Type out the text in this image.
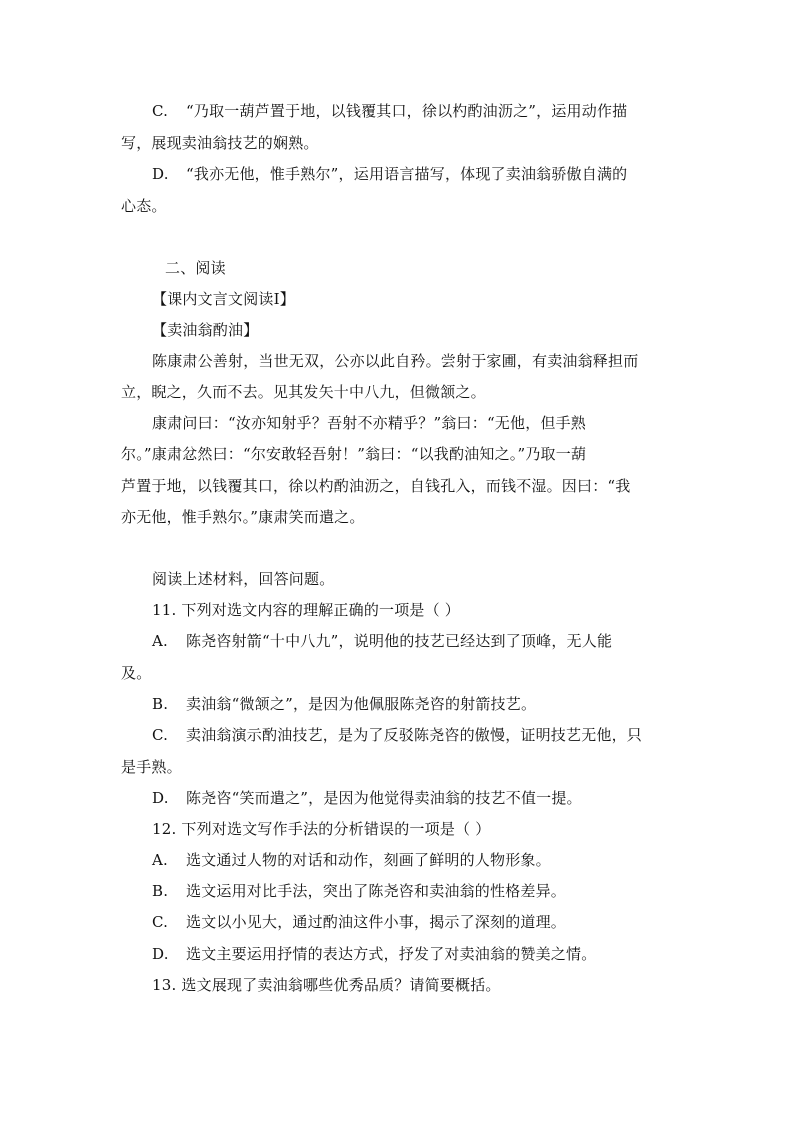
C. “乃取一葫芦置于地，以钱覆其口，徐以杓酌油沥之”，运用动作描
写，展现卖油翁技艺的娴熟。
D. “我亦无他，惟手熟尔”，运用语言描写，体现了卖油翁骄傲自满的
心态。
二、阅读
【课内文言文阅读Ⅰ】
【卖油翁酌油】
陈康肃公善射，当世无双，公亦以此自矜。尝射于家圃，有卖油翁释担而
立，睨之，久而不去。见其发矢十中八九，但微颔之。
康肃问曰：“汝亦知射乎？吾射不亦精乎？”翁曰：“无他，但手熟
尔。”康肃忿然曰：“尔安敢轻吾射！”翁曰：“以我酌油知之。”乃取一葫
芦置于地，以钱覆其口，徐以杓酌油沥之，自钱孔入，而钱不湿。因曰：“我
亦无他，惟手熟尔。”康肃笑而遣之。
阅读上述材料，回答问题。
11. 下列对选文内容的理解正确的一项是（ ）
A. 陈尧咨射箭“十中八九”，说明他的技艺已经达到了顶峰，无人能
及。
B. 卖油翁“微颔之”，是因为他佩服陈尧咨的射箭技艺。
C. 卖油翁演示酌油技艺，是为了反驳陈尧咨的傲慢，证明技艺无他，只
是手熟。
D. 陈尧咨“笑而遣之”，是因为他觉得卖油翁的技艺不值一提。
12. 下列对选文写作手法的分析错误的一项是（ ）
A. 选文通过人物的对话和动作，刻画了鲜明的人物形象。
B. 选文运用对比手法，突出了陈尧咨和卖油翁的性格差异。
C. 选文以小见大，通过酌油这件小事，揭示了深刻的道理。
D. 选文主要运用抒情的表达方式，抒发了对卖油翁的赞美之情。
13. 选文展现了卖油翁哪些优秀品质？请简要概括。
